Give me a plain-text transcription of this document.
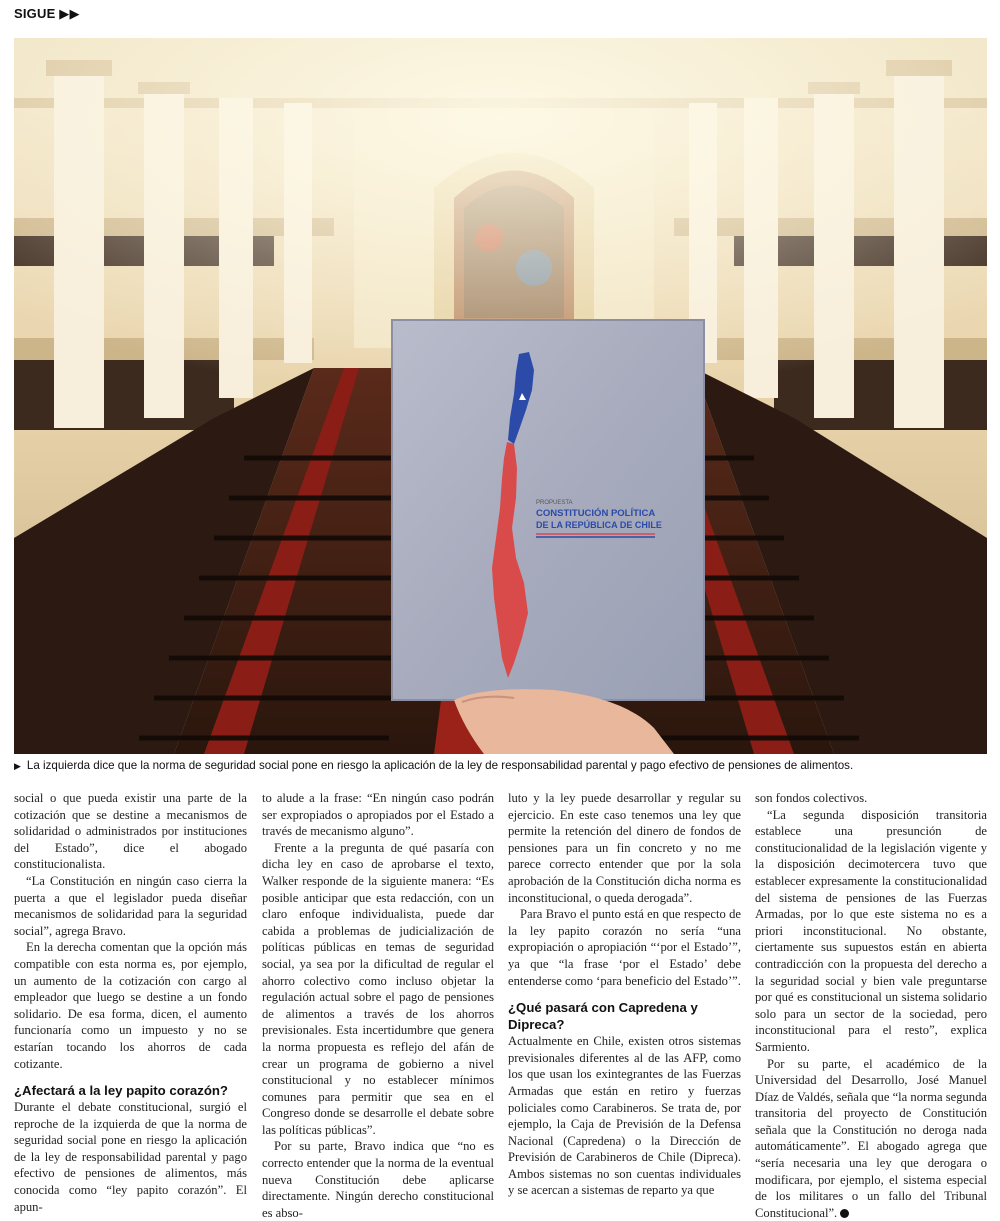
SIGUE ▶▶
PROPUESTA
CONSTITUCIÓN POLÍTICA
DE LA REPÚBLICA DE CHILE
▶ La izquierda dice que la norma de seguridad social pone en riesgo la aplicación de la ley de responsabilidad parental y pago efectivo de pensiones de alimentos.

social o que pueda existir una parte de la cotización que se destine a mecanismos de solidaridad o administrados por instituciones del Estado”, dice el abogado constitucionalista.

“La Constitución en ningún caso cierra la puerta a que el legislador pueda diseñar mecanismos de solidaridad para la seguridad social”, agrega Bravo.

En la derecha comentan que la opción más compatible con esta norma es, por ejemplo, un aumento de la cotización con cargo al empleador que luego se destine a un fondo solidario. De esa forma, dicen, el aumento funcionaría como un impuesto y no se estarían tocando los ahorros de cada cotizante.

¿Afectará a la ley papito corazón?

Durante el debate constitucional, surgió el reproche de la izquierda de que la norma de seguridad social pone en riesgo la aplicación de la ley de responsabilidad parental y pago efectivo de pensiones de alimentos, más conocida como “ley papito corazón”. El apun-

to alude a la frase: “En ningún caso podrán ser expropiados o apropiados por el Estado a través de mecanismo alguno”.

Frente a la pregunta de qué pasaría con dicha ley en caso de aprobarse el texto, Walker responde de la siguiente manera: “Es posible anticipar que esta redacción, con un claro enfoque individualista, puede dar cabida a problemas de judicialización de políticas públicas en temas de seguridad social, ya sea por la dificultad de regular el ahorro colectivo como incluso objetar la regulación actual sobre el pago de pensiones de alimentos a través de los ahorros previsionales. Esta incertidumbre que genera la norma propuesta es reflejo del afán de crear un programa de gobierno a nivel constitucional y no establecer mínimos comunes para permitir que sea en el Congreso donde se desarrolle el debate sobre las políticas públicas”.

Por su parte, Bravo indica que “no es correcto entender que la norma de la eventual nueva Constitución debe aplicarse directamente. Ningún derecho constitucional es abso-

luto y la ley puede desarrollar y regular su ejercicio. En este caso tenemos una ley que permite la retención del dinero de fondos de pensiones para un fin concreto y no me parece correcto entender que por la sola aprobación de la Constitución dicha norma es inconstitucional, o queda derogada”.

Para Bravo el punto está en que respecto de la ley papito corazón no sería “una expropiación o apropiación “‘por el Estado’”, ya que “la frase ‘por el Estado’ debe entenderse como ‘para beneficio del Estado’”.

¿Qué pasará con Capredena y Dipreca?

Actualmente en Chile, existen otros sistemas previsionales diferentes al de las AFP, como los que usan los exintegrantes de las Fuerzas Armadas que están en retiro y fuerzas policiales como Carabineros. Se trata de, por ejemplo, la Caja de Previsión de la Defensa Nacional (Capredena) o la Dirección de Previsión de Carabineros de Chile (Dipreca). Ambos sistemas no son cuentas individuales y se acercan a sistemas de reparto ya que

son fondos colectivos.

“La segunda disposición transitoria establece una presunción de constitucionalidad de la legislación vigente y la disposición decimotercera tuvo que establecer expresamente la constitucionalidad del sistema de pensiones de las Fuerzas Armadas, por lo que este sistema no es a priori inconstitucional. No obstante, ciertamente sus supuestos están en abierta contradicción con la propuesta del derecho a la seguridad social y bien vale preguntarse por qué es constitucional un sistema solidario solo para un sector de la sociedad, pero inconstitucional para el resto”, explica Sarmiento.

Por su parte, el académico de la Universidad del Desarrollo, José Manuel Díaz de Valdés, señala que “la norma segunda transitoria del proyecto de Constitución señala que la Constitución no deroga nada automáticamente”. El abogado agrega que “sería necesaria una ley que derogara o modificara, por ejemplo, el sistema especial de los militares o un fallo del Tribunal Constitucional”.
